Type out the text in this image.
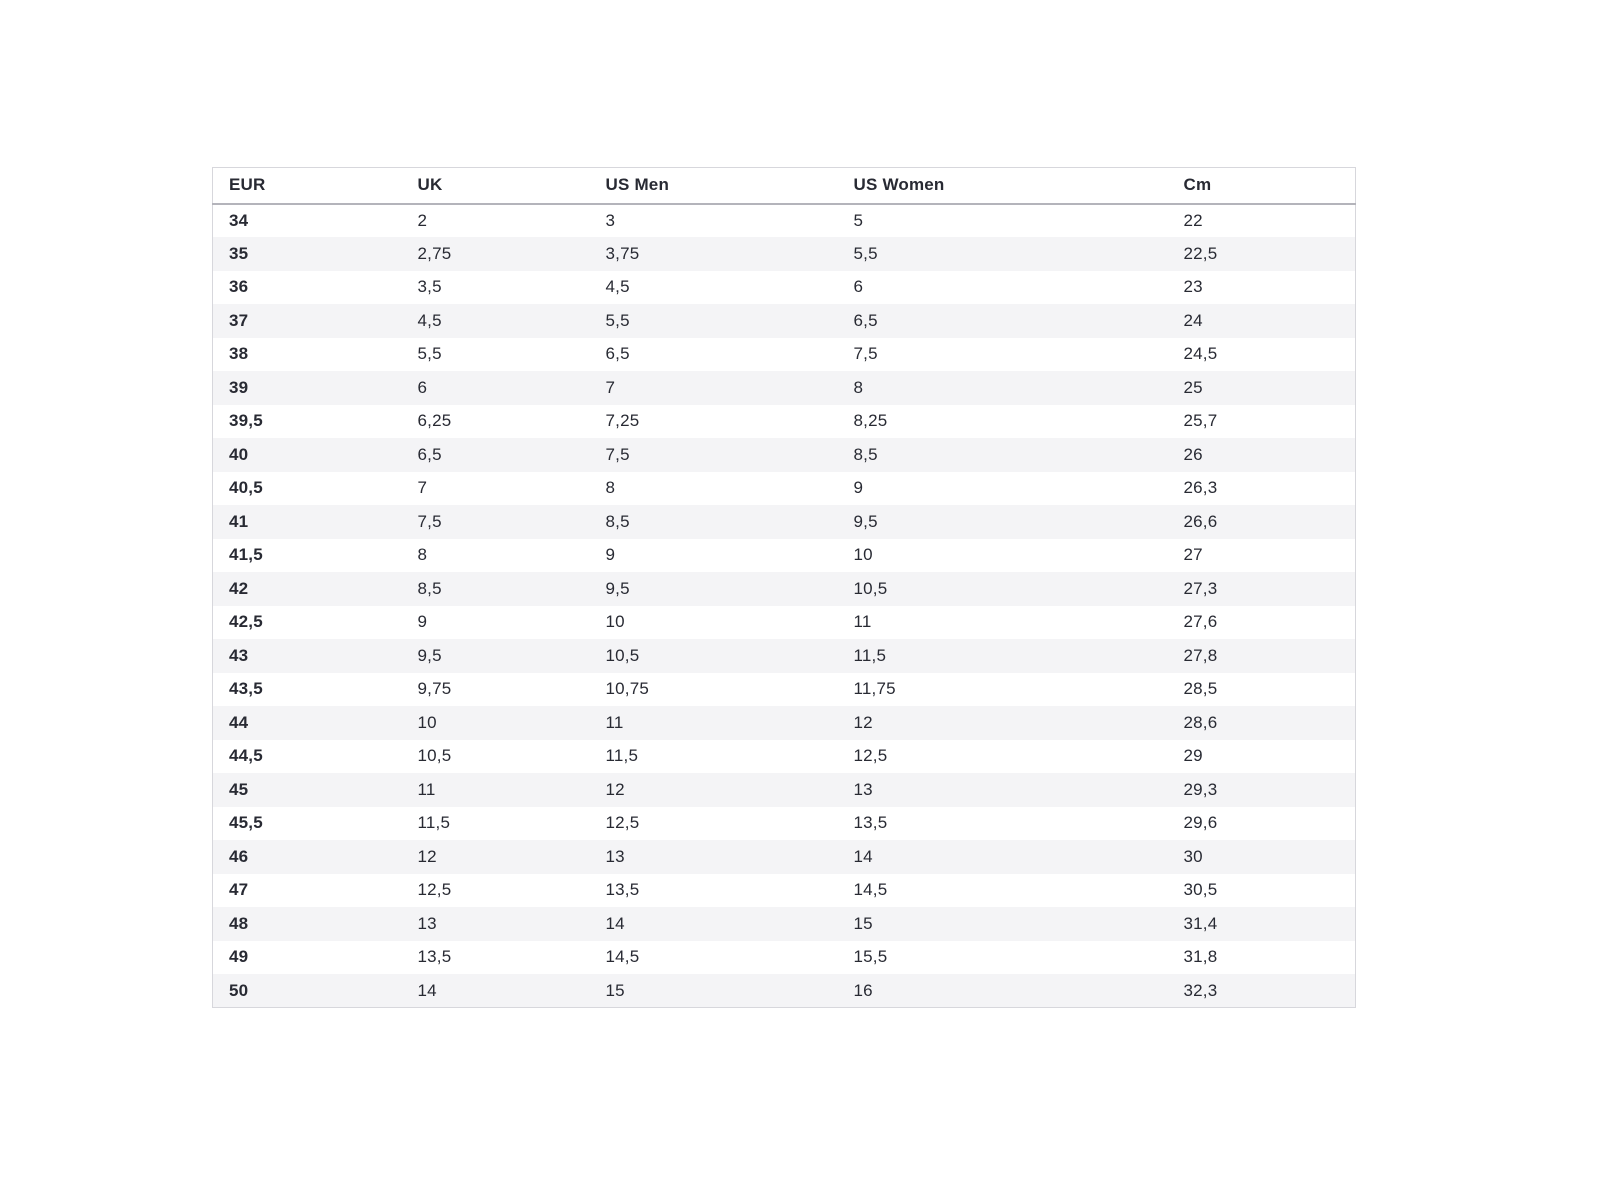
EUR	UK	US Men	US Women	Cm
34	2	3	5	22
35	2,75	3,75	5,5	22,5
36	3,5	4,5	6	23
37	4,5	5,5	6,5	24
38	5,5	6,5	7,5	24,5
39	6	7	8	25
39,5	6,25	7,25	8,25	25,7
40	6,5	7,5	8,5	26
40,5	7	8	9	26,3
41	7,5	8,5	9,5	26,6
41,5	8	9	10	27
42	8,5	9,5	10,5	27,3
42,5	9	10	11	27,6
43	9,5	10,5	11,5	27,8
43,5	9,75	10,75	11,75	28,5
44	10	11	12	28,6
44,5	10,5	11,5	12,5	29
45	11	12	13	29,3
45,5	11,5	12,5	13,5	29,6
46	12	13	14	30
47	12,5	13,5	14,5	30,5
48	13	14	15	31,4
49	13,5	14,5	15,5	31,8
50	14	15	16	32,3
